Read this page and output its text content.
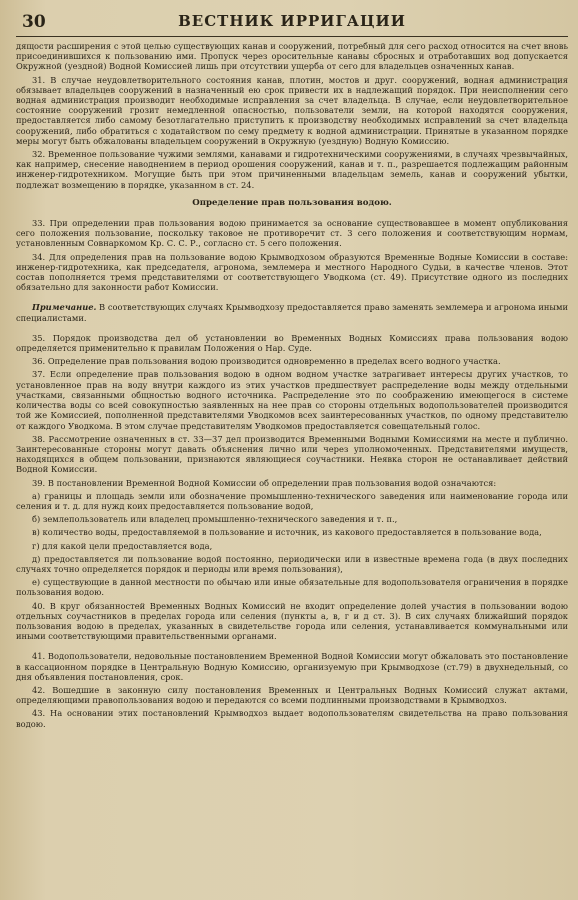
30	ВЕСТНИК ИРРИГАЦИИ

дящости расширения с этой целью существующих канав и сооружений, потребный для сего расход относится на счет вновь присоединившихся к пользованию ими. Пропуск через оросительные канавы сбросных и отработавших вод допускается Окружной (уездной) Водной Комиссией лишь при отсутствии ущерба от сего для владельцев означенных канав.

31. В случае неудовлетворительного состояния канав, плотин, мостов и друг. сооружений, водная администрация обязывает владельцев сооружений в назначенный ею срок привести их в надлежащий порядок. При неисполнении сего водная администрация производит необходимые исправления за счет владельца. В случае, если неудовлетворительное состояние сооружений грозит немедленной опасностью, пользователи земли, на которой находятся сооружения, предоставляется либо самому безотлагательно приступить к производству необходимых исправлений за счет владельца сооружений, либо обратиться с ходатайством по сему предмету к водной администрации. Принятые в указанном порядке меры могут быть обжалованы владельцем сооружений в Окружную (уездную) Водную Комиссию.

32. Временное пользование чужими землями, канавами и гидротехническими сооружениями, в случаях чрезвычайных, как например, снесение наводнением в период орошения сооружений, канав и т. п., разрешается подлежащим районным инженер-гидротехником. Могущие быть при этом причиненными владельцам земель, канав и сооружений убытки, подлежат возмещению в порядке, указанном в ст. 24.

Определение прав пользования водою.

33. При определении прав пользования водою принимается за основание существовавшее в момент опубликования сего положения пользование, поскольку таковое не противоречит ст. 3 сего положения и соответствующим нормам, установленным Совнаркомом Кр. С. С. Р., согласно ст. 5 сего положения.

34. Для определения прав на пользование водою Крымводхозом образуются Временные Водные Комиссии в составе: инженер-гидротехника, как председателя, агронома, землемера и местного Народного Судьи, в качестве членов. Этот состав пополняется тремя представителями от соответствующего Уводкома (ст. 49). Присутствие одного из последних обязательно для законности работ Комиссии.

Примечание. В соответствующих случаях Крымводхозу предоставляется право заменять землемера и агронома иными специалистами.

35. Порядок производства дел об установлении во Временных Водных Комиссиях права пользования водою определяется применительно к правилам Положения о Нар. Суде.

36. Определение прав пользования водою производится одновременно в пределах всего водного участка.

37. Если определение прав пользования водою в одном водном участке затрагивает интересы других участков, то установленное прав на воду внутри каждого из этих участков предшествует распределение воды между отдельными участками, связанными общностью водного источника. Распределение это по соображению имеющегося в системе количества воды со всей совокупностью заявленных на нее прав со стороны отдельных водопользователей производится той же Комиссией, пополненной представителями Уводкомов всех заинтересованных участков, по одному представителю от каждого Уводкома. В этом случае представителям Уводкомов предоставляется совещательный голос.

38. Рассмотрение означенных в ст. 33—37 дел производится Временными Водными Комиссиями на месте и публично. Заинтересованные стороны могут давать объяснения лично или через уполномоченных. Представителями имуществ, находящихся в общем пользовании, признаются являющиеся соучастники. Неявка сторон не останавливает действий Водной Комиссии.

39. В постановлении Временной Водной Комиссии об определении прав пользования водой означаются:

а) границы и площадь земли или обозначение промышленно-технического заведения или наименование города или селения и т. д. для нужд коих предоставляется пользование водой,

б) землепользователь или владелец промышленно-технического заведения и т. п.,

в) количество воды, предоставляемой в пользование и источник, из какового предоставляется в пользование вода,

г) для какой цели предоставляется вода,

д) предоставляется ли пользование водой постоянно, периодически или в известные времена года (в двух последних случаях точно определяется порядок и периоды или время пользования),

е) существующие в данной местности по обычаю или иные обязательные для водопользователя ограничения в порядке пользования водою.

40. В круг обязанностей Временных Водных Комиссий не входит определение долей участия в пользовании водою отдельных соучастников в пределах города или селения (пункты а, в, г и д ст. 3). В сих случаях ближайший порядок пользования водою в пределах, указанных в свидетельстве города или селения, устанавливается коммунальными или иными соответствующими правительственными органами.

41. Водопользователи, недовольные постановлением Временной Водной Комиссии могут обжаловать это постановление в кассационном порядке в Центральную Водную Комиссию, организуемую при Крымводхозе (ст.79) в двухнедельный, со дня объявления постановления, срок.

42. Вошедшие в законную силу постановления Временных и Центральных Водных Комиссий служат актами, определяющими правопользования водою и передаются со всеми подлинными производствами в Крымводхоз.

43. На основании этих постановлений Крымводхоз выдает водопользователям свидетельства на право пользования водою.
